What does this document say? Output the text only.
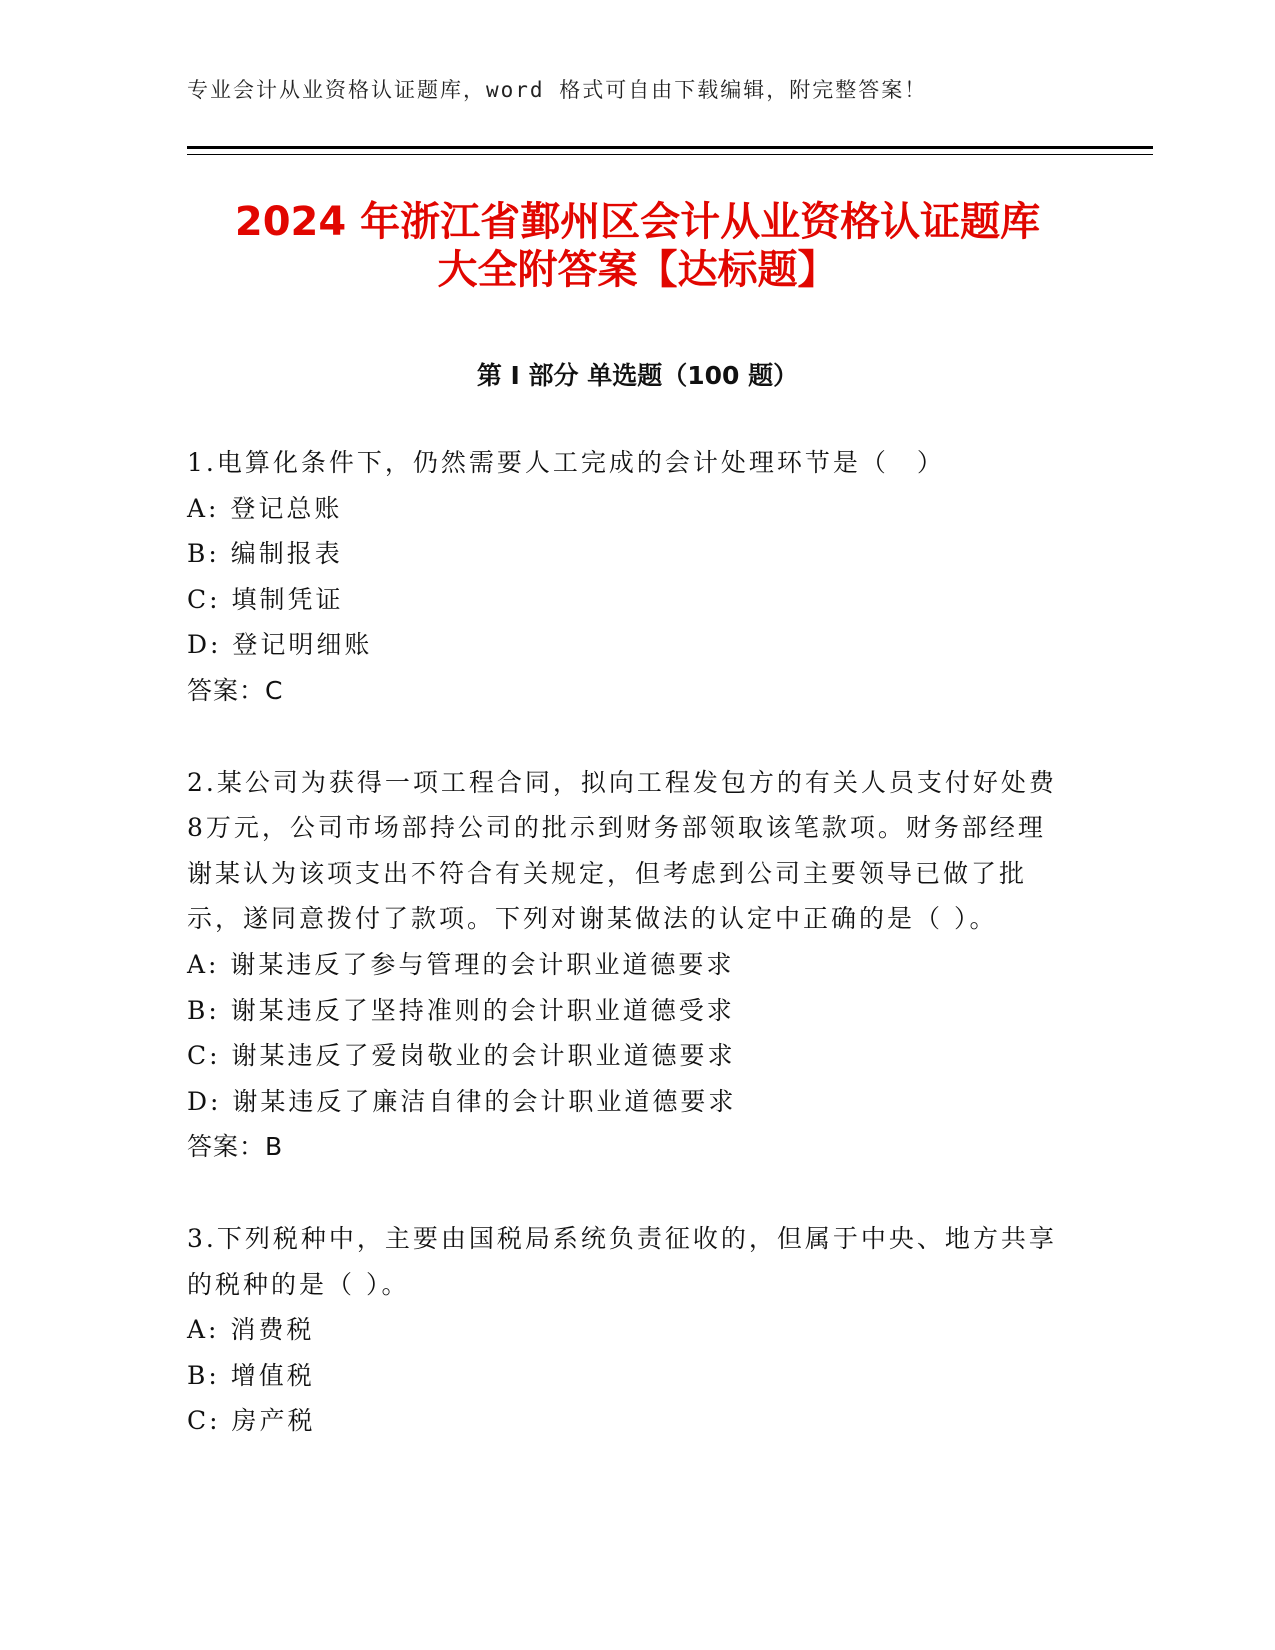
专业会计从业资格认证题库，word 格式可自由下载编辑，附完整答案！
2024 年浙江省鄞州区会计从业资格认证题库
大全附答案【达标题】
第 I 部分 单选题（100 题）
1.电算化条件下，仍然需要人工完成的会计处理环节是（　）
A: 登记总账
B: 编制报表
C: 填制凭证
D: 登记明细账
答案：C
2.某公司为获得一项工程合同，拟向工程发包方的有关人员支付好处费8万元，公司市场部持公司的批示到财务部领取该笔款项。财务部经理谢某认为该项支出不符合有关规定，但考虑到公司主要领导已做了批示，遂同意拨付了款项。下列对谢某做法的认定中正确的是（ ）。
A: 谢某违反了参与管理的会计职业道德要求
B: 谢某违反了坚持准则的会计职业道德受求
C: 谢某违反了爱岗敬业的会计职业道德要求
D: 谢某违反了廉洁自律的会计职业道德要求
答案：B
3.下列税种中，主要由国税局系统负责征收的，但属于中央、地方共享的税种的是（ ）。
A: 消费税
B: 增值税
C: 房产税
